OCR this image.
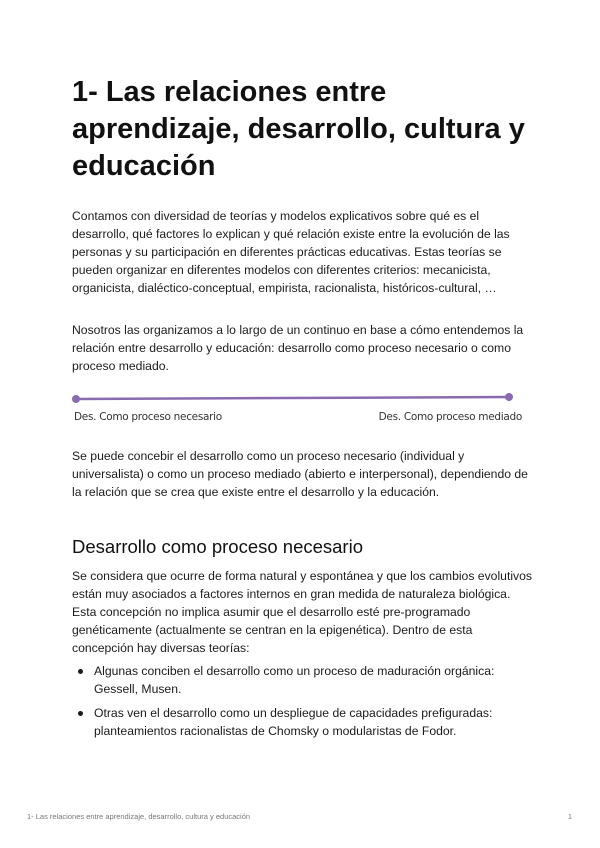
1- Las relaciones entre aprendizaje, desarrollo, cultura y educación

Contamos con diversidad de teorías y modelos explicativos sobre qué es el desarrollo, qué factores lo explican y qué relación existe entre la evolución de las personas y su participación en diferentes prácticas educativas. Estas teorías se pueden organizar en diferentes modelos con diferentes criterios: mecanicista, organicista, dialéctico-conceptual, empirista, racionalista, históricos-cultural, …

Nosotros las organizamos a lo largo de un continuo en base a cómo entendemos la relación entre desarrollo y educación: desarrollo como proceso necesario o como proceso mediado.

Des. Como proceso necesario	Des. Como proceso mediado

Se puede concebir el desarrollo como un proceso necesario (individual y universalista) o como un proceso mediado (abierto e interpersonal), dependiendo de la relación que se crea que existe entre el desarrollo y la educación.

Desarrollo como proceso necesario

Se considera que ocurre de forma natural y espontánea y que los cambios evolutivos están muy asociados a factores internos en gran medida de naturaleza biológica. Esta concepción no implica asumir que el desarrollo esté pre-programado genéticamente (actualmente se centran en la epigenética). Dentro de esta concepción hay diversas teorías:

Algunas conciben el desarrollo como un proceso de maduración orgánica: Gessell, Musen.
Otras ven el desarrollo como un despliegue de capacidades prefiguradas: planteamientos racionalistas de Chomsky o modularistas de Fodor.
1- Las relaciones entre aprendizaje, desarrollo, cultura y educación	1
